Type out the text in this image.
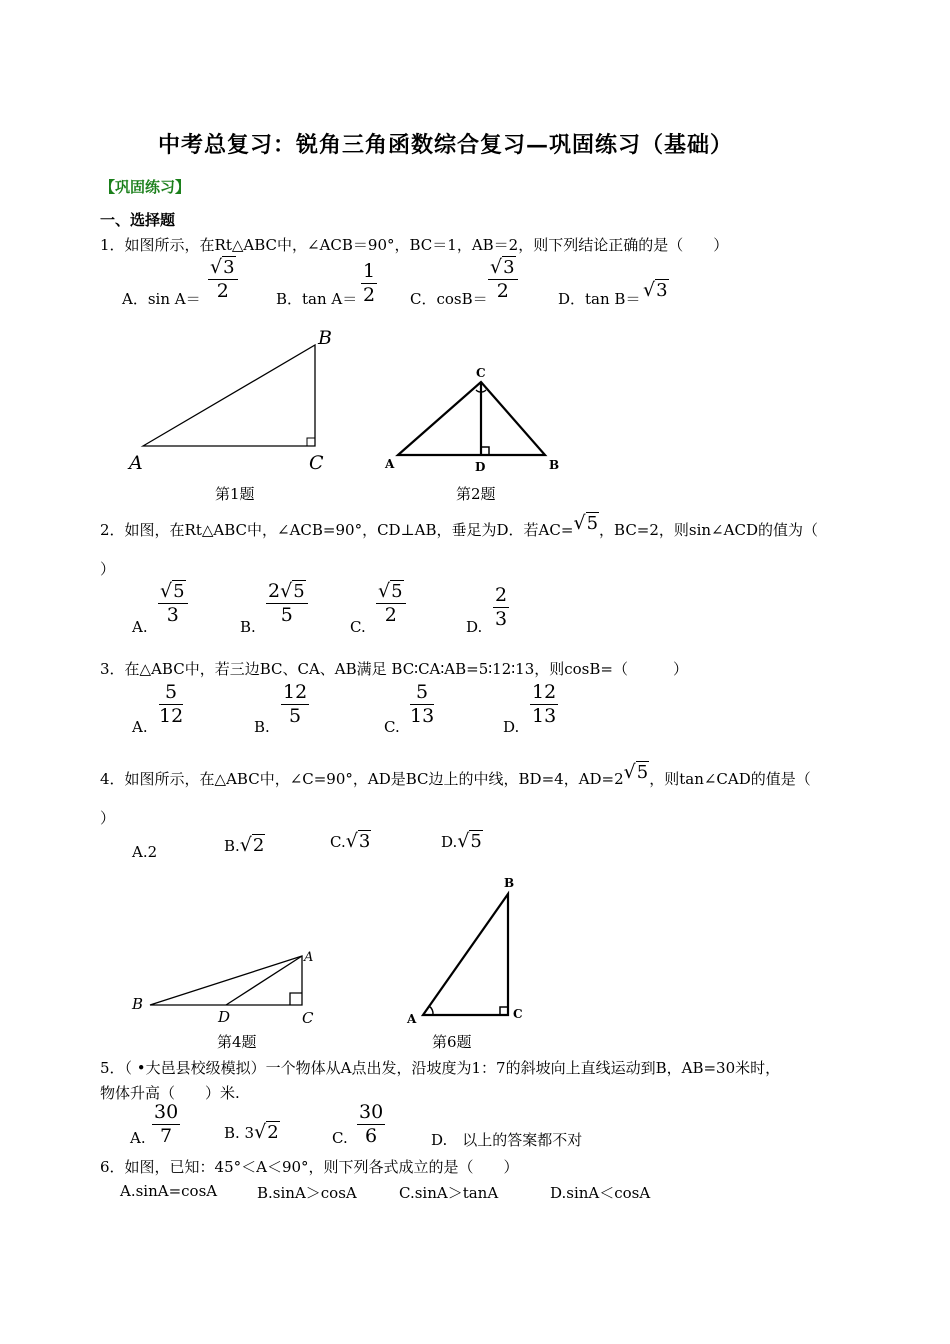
中考总复习：锐角三角函数综合复习—巩固练习（基础）
【巩固练习】
一、选择题
1．如图所示，在Rt△ABC中，∠ACB＝90°，BC＝1，AB＝2，则下列结论正确的是（　　）
A．sin A＝
√3
2	B．tan A＝
1
2 C．cosB＝
√3
2	D．tan B＝ √3
A
B
C
第1题
A
C
D	B
第2题
2．如图，在Rt△ABC中，∠ACB=90°，CD⊥AB，垂足为D．若AC=√5，BC=2，则sin∠ACD的值为（
）
A.
√5
3
B.
2√5
5
C.
√5
2
D.
2
3
3．在△ABC中，若三边BC、CA、AB满足 BC∶CA∶AB=5∶12∶13，则cosB=（　　　）
A.
5
12	B.
12
5	C.
5
13	D.
12
13
4．如图所示，在△ABC中，∠C=90°，AD是BC边上的中线，BD=4，AD=2√5，则tan∠CAD的值是（
）
A.2	B.√2	C.√3	D.√5
B
A
D	C
第4题
B
A	C
第6题
5．（ •大邑县校级模拟）一个物体从A点出发，沿坡度为1：7的斜坡向上直线运动到B，AB=30米时，
物体升高（　　）米.
A.
30
7	B. 3√2	C.
30
6	D.　以上的答案都不对
6．如图，已知：45°＜A＜90°，则下列各式成立的是（　　）
A.sinA=cosA	B.sinA＞cosA	C.sinA＞tanA	D.sinA＜cosA
